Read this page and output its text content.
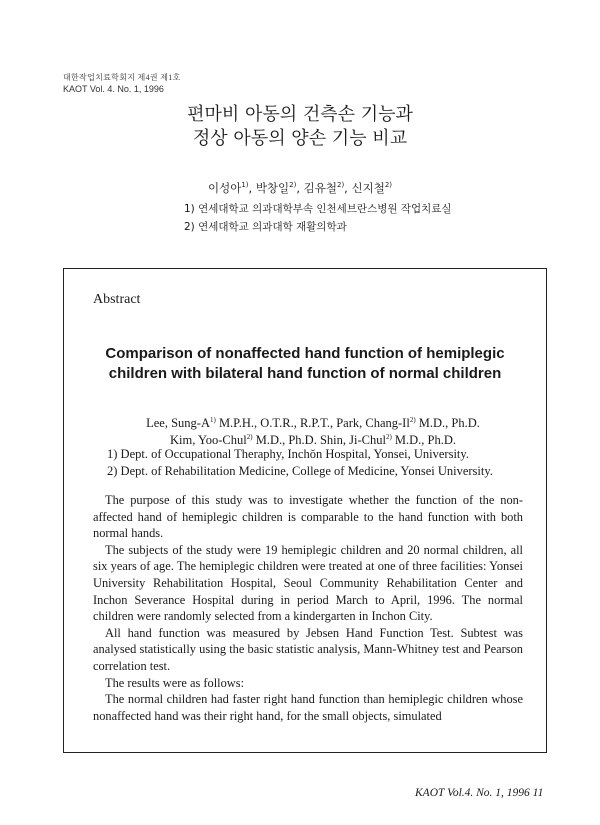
대한작업치료학회지 제4권 제1호
KAOT Vol. 4. No. 1, 1996
편마비 아동의 건측손 기능과
정상 아동의 양손 기능 비교
이성아$^{1)}$, 박창일$^{2)}$, 김유철$^{2)}$, 신지철$^{2)}$
1) 연세대학교 의과대학부속 인천세브란스병원 작업치료실
2) 연세대학교 의과대학 재활의학과
Abstract
Comparison of nonaffected hand function of hemiplegic
children with bilateral hand function of normal children
Lee, Sung-$A^{1)}$ M.P.H., O.T.R., R.P.T., Park, Chang-Il$^{2)}$ M.D., Ph.D.
Kim, Yoo-Chul$^{2)}$ M.D., Ph.D. Shin, Ji-Chul$^{2)}$ M.D., Ph.D.
1) Dept. of Occupational Theraphy, Inchŏn Hospital, Yonsei, University.
2) Dept. of Rehabilitation Medicine, College of Medicine, Yonsei University.

The purpose of this study was to investigate whether the function of the non-affected hand of hemiplegic children is comparable to the hand function with both normal hands.

The subjects of the study were 19 hemiplegic children and 20 normal children, all six years of age. The hemiplegic children were treated at one of three facilities: Yonsei University Rehabilitation Hospital, Seoul Community Rehabilitation Center and Inchon Severance Hospital during in period March to April, 1996. The normal children were randomly selected from a kindergarten in Inchon City.

All hand function was measured by Jebsen Hand Function Test. Subtest was analysed statistically using the basic statistic analysis, Mann-Whitney test and Pearson correlation test.

The results were as follows:

The normal children had faster right hand function than hemiplegic children whose nonaffected hand was their right hand, for the small objects, simulated

KAOT Vol.4. No. 1, 1996 11
